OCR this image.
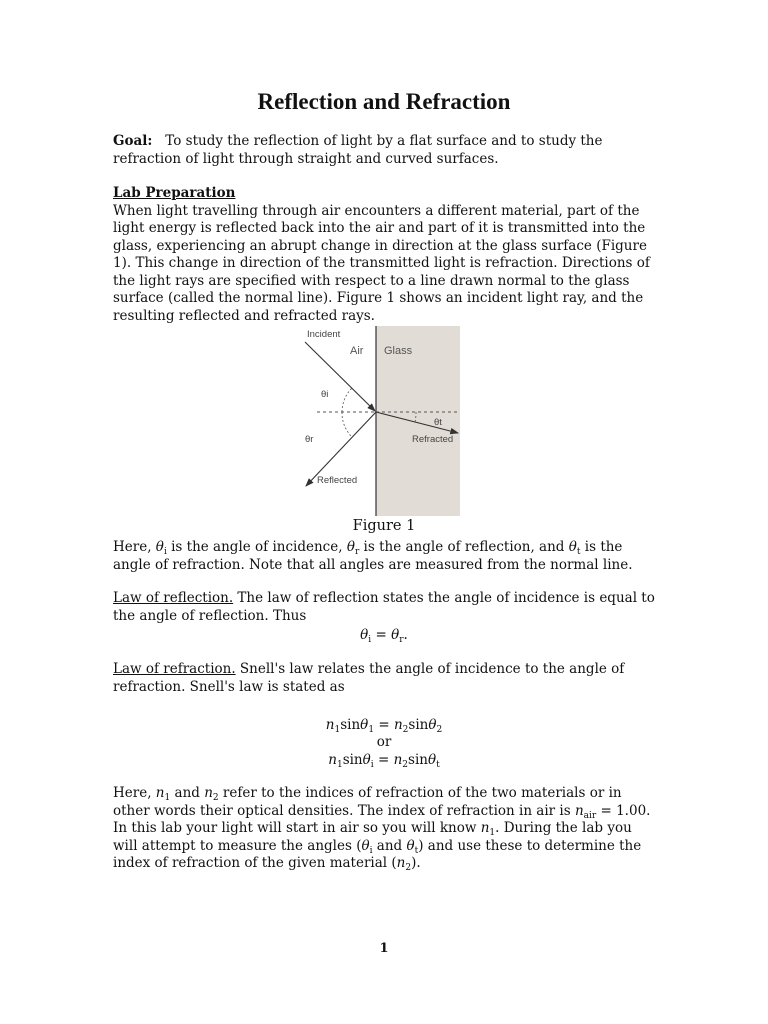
Reflection and Refraction

Goal: To study the reflection of light by a flat surface and to study the refraction of light through straight and curved surfaces.

Lab Preparation
When light travelling through air encounters a different material, part of the light energy is reflected back into the air and part of it is transmitted into the glass, experiencing an abrupt change in direction at the glass surface (Figure 1). This change in direction of the transmitted light is refraction. Directions of the light rays are specified with respect to a line drawn normal to the glass surface (called the normal line). Figure 1 shows an incident light ray, and the resulting reflected and refracted rays.

Incident
Air Glass
θi
θr
θt
Refracted
Reflected
Figure 1

Here, $\theta_i$ is the angle of incidence, $\theta_r$ is the angle of reflection, and $\theta_t$ is the angle of refraction. Note that all angles are measured from the normal line.

Law of reflection. The law of reflection states the angle of incidence is equal to the angle of reflection. Thus

$\theta_i = \theta_r$.

Law of refraction. Snell's law relates the angle of incidence to the angle of refraction. Snell's law is stated as

$n_1\sin\theta_1 = n_2\sin\theta_2$
or
$n_1\sin\theta_i = n_2\sin\theta_t$

Here, $n_1$ and $n_2$ refer to the indices of refraction of the two materials or in other words their optical densities. The index of refraction in air is $n_{air} = 1.00$. In this lab your light will start in air so you will know $n_1$. During the lab you will attempt to measure the angles ($\theta_i$ and $\theta_t$) and use these to determine the index of refraction of the given material $(n_2)$.

1
